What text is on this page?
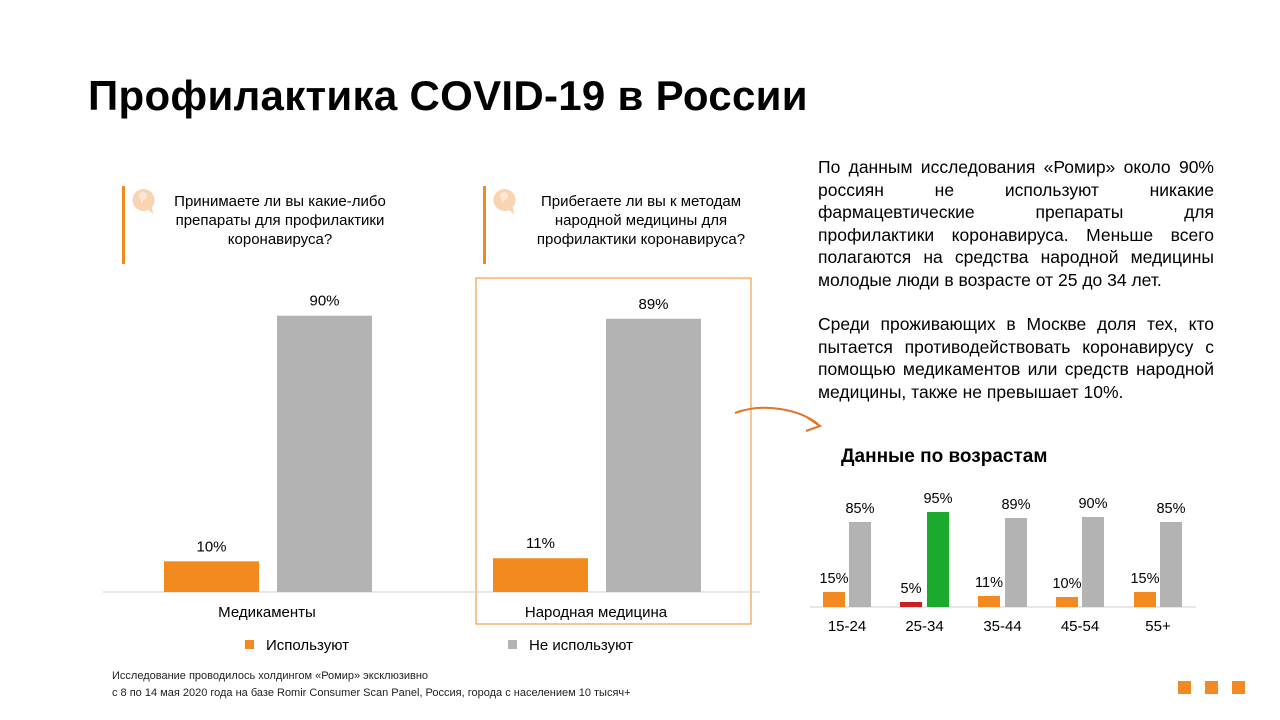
Профилактика COVID-19 в России
Принимаете ли вы какие-либо препараты для профилактики коронавируса?
Прибегаете ли вы к методам народной медицины для профилактики коронавируса?
10%
90%
Медикаменты
11%
89%
Народная медицина
15%
85%
15-24
5%
95%
25-34
11%
89%
35-44
10%
90%
45-54
15%
85%
55+
По данным исследования «Ромир» около 90% россиян не используют никакие фармацевтические препараты для профилактики коронавируса. Меньше всего полагаются на средства народной медицины молодые люди в возрасте от 25 до 34 лет.
Среди проживающих в Москве доля тех, кто пытается противодействовать коронавирусу с помощью медикаментов или средств народной медицины, также не превышает 10%.
Данные по возрастам
Используют	Не используют
Исследование проводилось холдингом «Ромир» эксклюзивно
с 8 по 14 мая 2020 года на базе Romir Consumer Scan Panel, Россия, города с населением 10 тысяч+
